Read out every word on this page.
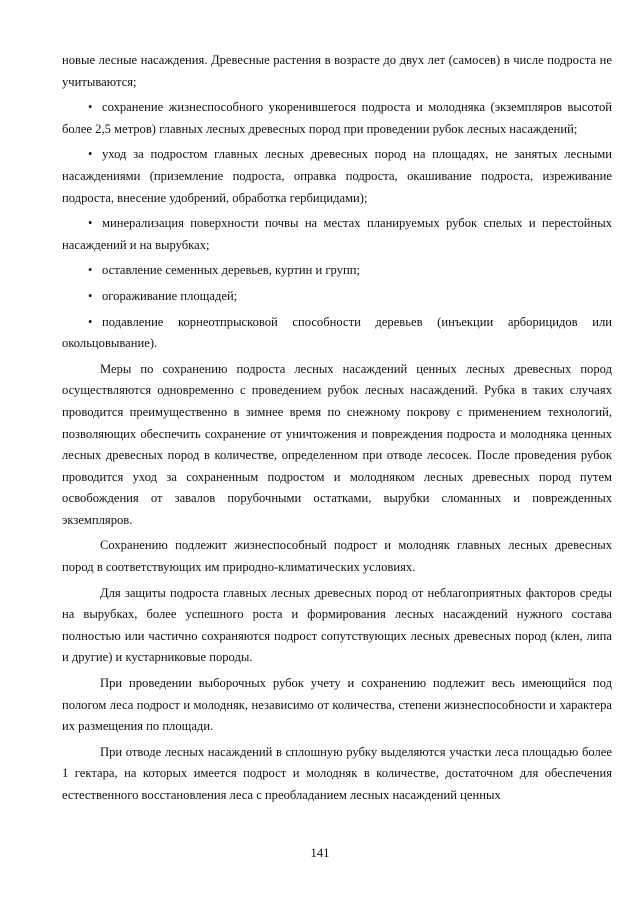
новые лесные насаждения. Древесные растения в возрасте до двух лет (самосев) в числе подроста не учитываются;

• сохранение жизнеспособного укоренившегося подроста и молодняка (экземпляров высотой более 2,5 метров) главных лесных древесных пород при проведении рубок лесных насаждений;

• уход за подростом главных лесных древесных пород на площадях, не занятых лесными насаждениями (приземление подроста, оправка подроста, окашивание подроста, изреживание подроста, внесение удобрений, обработка гербицидами);

• минерализация поверхности почвы на местах планируемых рубок спелых и перестойных насаждений и на вырубках;

• оставление семенных деревьев, куртин и групп;

• огораживание площадей;

• подавление корнеотпрысковой способности деревьев (инъекции арборицидов или окольцовывание).

Меры по сохранению подроста лесных насаждений ценных лесных древесных пород осуществляются одновременно с проведением рубок лесных насаждений. Рубка в таких случаях проводится преимущественно в зимнее время по снежному покрову с применением технологий, позволяющих обеспечить сохранение от уничтожения и повреждения подроста и молодняка ценных лесных древесных пород в количестве, определенном при отводе лесосек. После проведения рубок проводится уход за сохраненным подростом и молодняком лесных древесных пород путем освобождения от завалов порубочными остатками, вырубки сломанных и поврежденных экземпляров.

Сохранению подлежит жизнеспособный подрост и молодняк главных лесных древесных пород в соответствующих им природно-климатических условиях.

Для защиты подроста главных лесных древесных пород от неблагоприятных факторов среды на вырубках, более успешного роста и формирования лесных насаждений нужного состава полностью или частично сохраняются подрост сопутствующих лесных древесных пород (клен, липа и другие) и кустарниковые породы.

При проведении выборочных рубок учету и сохранению подлежит весь имеющийся под пологом леса подрост и молодняк, независимо от количества, степени жизнеспособности и характера их размещения по площади.

При отводе лесных насаждений в сплошную рубку выделяются участки леса площадью более 1 гектара, на которых имеется подрост и молодняк в количестве, достаточном для обеспечения естественного восстановления леса с преобладанием лесных насаждений ценных

141
